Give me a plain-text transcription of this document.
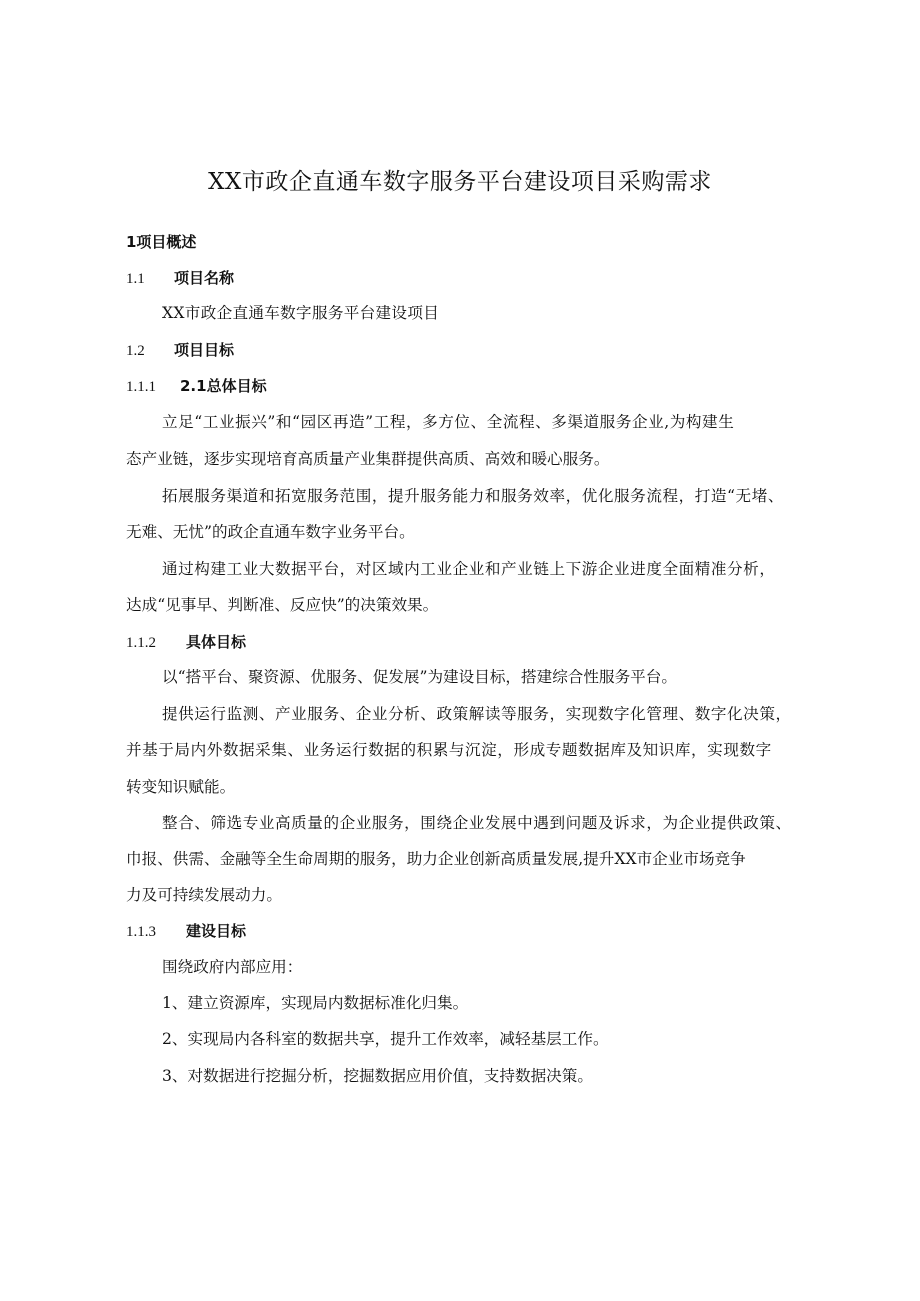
XX市政企直通车数字服务平台建设项目采购需求
1项目概述
1.1 项目名称
XX市政企直通车数字服务平台建设项目
1.2 项目目标
1.1.1 2.1总体目标
立足“工业振兴”和“园区再造”工程，多方位、全流程、多渠道服务企业,为构建生
态产业链，逐步实现培育高质量产业集群提供高质、高效和暖心服务。
拓展服务渠道和拓宽服务范围，提升服务能力和服务效率，优化服务流程，打造“无堵、
无难、无忧”的政企直通车数字业务平台。
通过构建工业大数据平台，对区域内工业企业和产业链上下游企业进度全面精准分析，
达成“见事早、判断准、反应快”的决策效果。
1.1.2 具体目标
以“搭平台、聚资源、优服务、促发展”为建设目标，搭建综合性服务平台。
提供运行监测、产业服务、企业分析、政策解读等服务，实现数字化管理、数字化决策，
并基于局内外数据采集、业务运行数据的积累与沉淀，形成专题数据库及知识库，实现数字
转变知识赋能。
整合、筛选专业高质量的企业服务，围绕企业发展中遇到问题及诉求，为企业提供政策、
巾报、供需、金融等全生命周期的服务，助力企业创新高质量发展,提升XX市企业市场竞争
力及可持续发展动力。
1.1.3 建设目标
围绕政府内部应用：
1、建立资源库，实现局内数据标准化归集。
2、实现局内各科室的数据共享，提升工作效率，减轻基层工作。
3、对数据进行挖掘分析，挖掘数据应用价值，支持数据决策。
